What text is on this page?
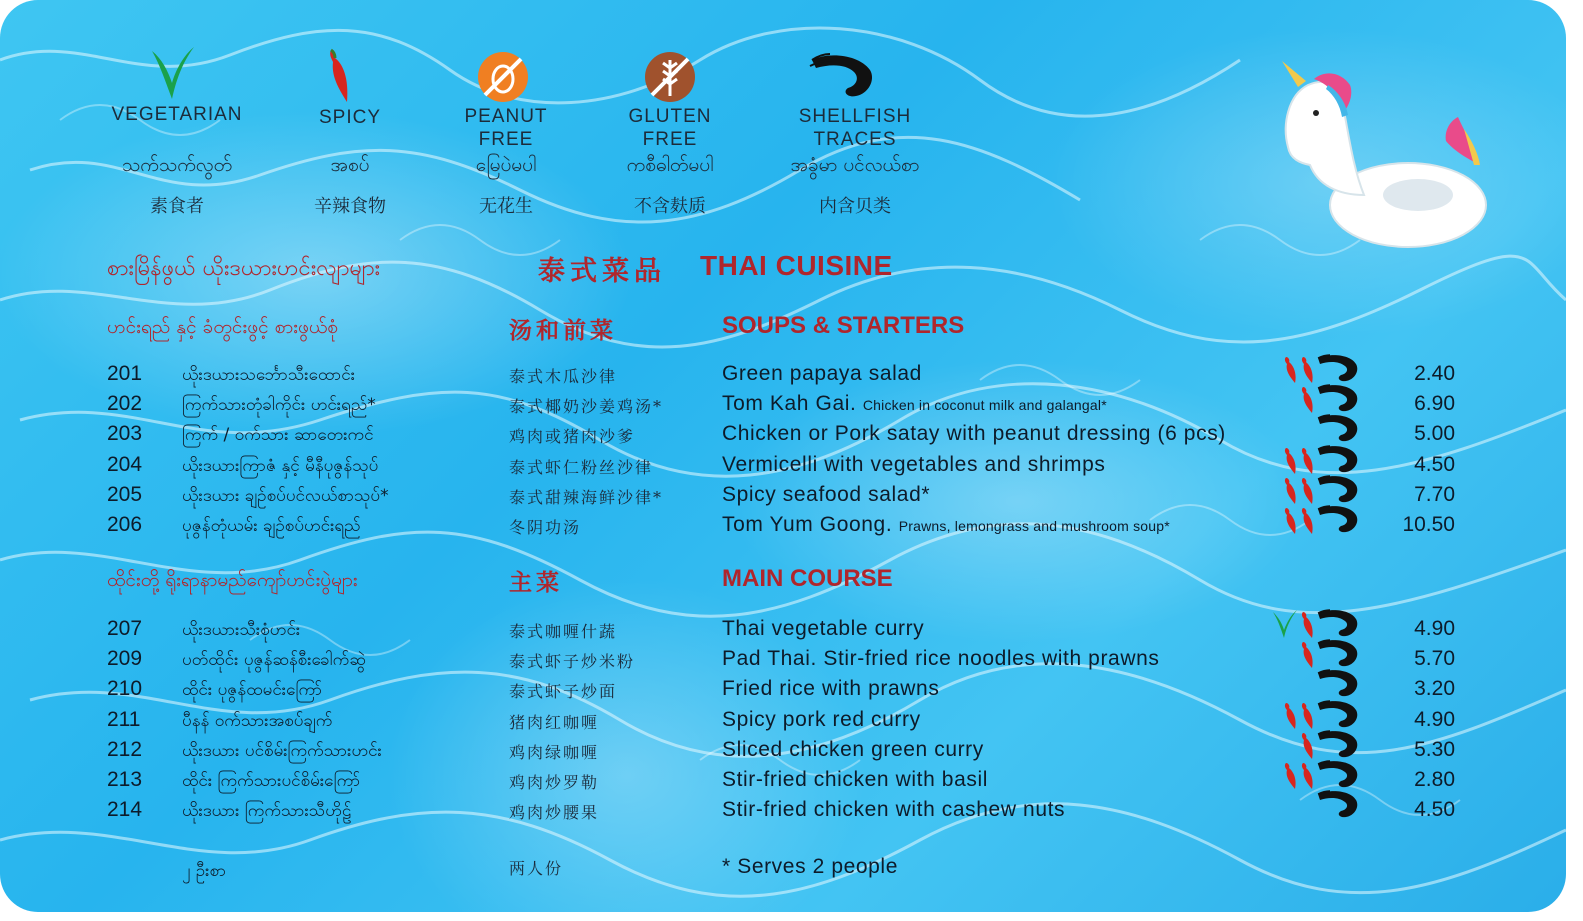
VEGETARIAN
သက်သက်လွတ်
素食者
SPICY
အစပ်
辛辣食物
PEANUT FREE
မြေပဲမပါ
无花生
GLUTEN FREE
ကစီဓါတ်မပါ
不含麸质
SHELLFISH TRACES
အခွံမာ ပင်လယ်စာ
内含贝类
စားမြိန်ဖွယ် ယိုးဒယားဟင်းလျာများ	泰式菜品 THAI CUISINE
ဟင်းရည် နှင့် ခံတွင်းဖွင့် စားဖွယ်စုံ	汤和前菜	SOUPS & STARTERS
201 ယိုးဒယားသင်္ဘောသီးထောင်း	泰式木瓜沙律	Green papaya salad	2.40
202 ကြက်သားတုံခါကိုင်း ဟင်းရည်*	泰式椰奶沙姜鸡汤*	Tom Kah Gai. Chicken in coconut milk and galangal*	6.90
203 ကြက် / ဝက်သား ဆာတေးကင်	鸡肉或猪肉沙爹	Chicken or Pork satay with peanut dressing (6 pcs)	5.00
204 ယိုးဒယားကြာဇံ နှင့် မီနီပုဇွန်သုပ်	泰式虾仁粉丝沙律	Vermicelli with vegetables and shrimps	4.50
205 ယိုးဒယား ချဉ်စပ်ပင်လယ်စာသုပ်*	泰式甜辣海鲜沙律*	Spicy seafood salad*	7.70
206 ပုဇွန်တုံယမ်း ချဉ်စပ်ဟင်းရည်	冬阴功汤	Tom Yum Goong. Prawns, lemongrass and mushroom soup*	10.50
ထိုင်းတို့ ရိုးရာနာမည်ကျော်ဟင်းပွဲများ	主菜	MAIN COURSE
207 ယိုးဒယားသီးစုံဟင်း	泰式咖喱什蔬	Thai vegetable curry	4.90
209 ပတ်ထိုင်း ပုဇွန်ဆန်စီးခေါက်ဆွဲ	泰式虾子炒米粉	Pad Thai. Stir-fried rice noodles with prawns	5.70
210 ထိုင်း ပုဇွန်ထမင်းကြော်	泰式虾子炒面	Fried rice with prawns	3.20
211 ပီနန် ဝက်သားအစပ်ချက်	猪肉红咖喱	Spicy pork red curry	4.90
212 ယိုးဒယား ပင်စိမ်းကြက်သားဟင်း	鸡肉绿咖喱	Sliced chicken green curry	5.30
213 ထိုင်း ကြက်သားပင်စိမ်းကြော်	鸡肉炒罗勒	Stir-fried chicken with basil	2.80
214 ယိုးဒယား ကြက်သားသီဟိုဠ်	鸡肉炒腰果	Stir-fried chicken with cashew nuts	4.50
၂ ဦးစာ	两人份	* Serves 2 people
